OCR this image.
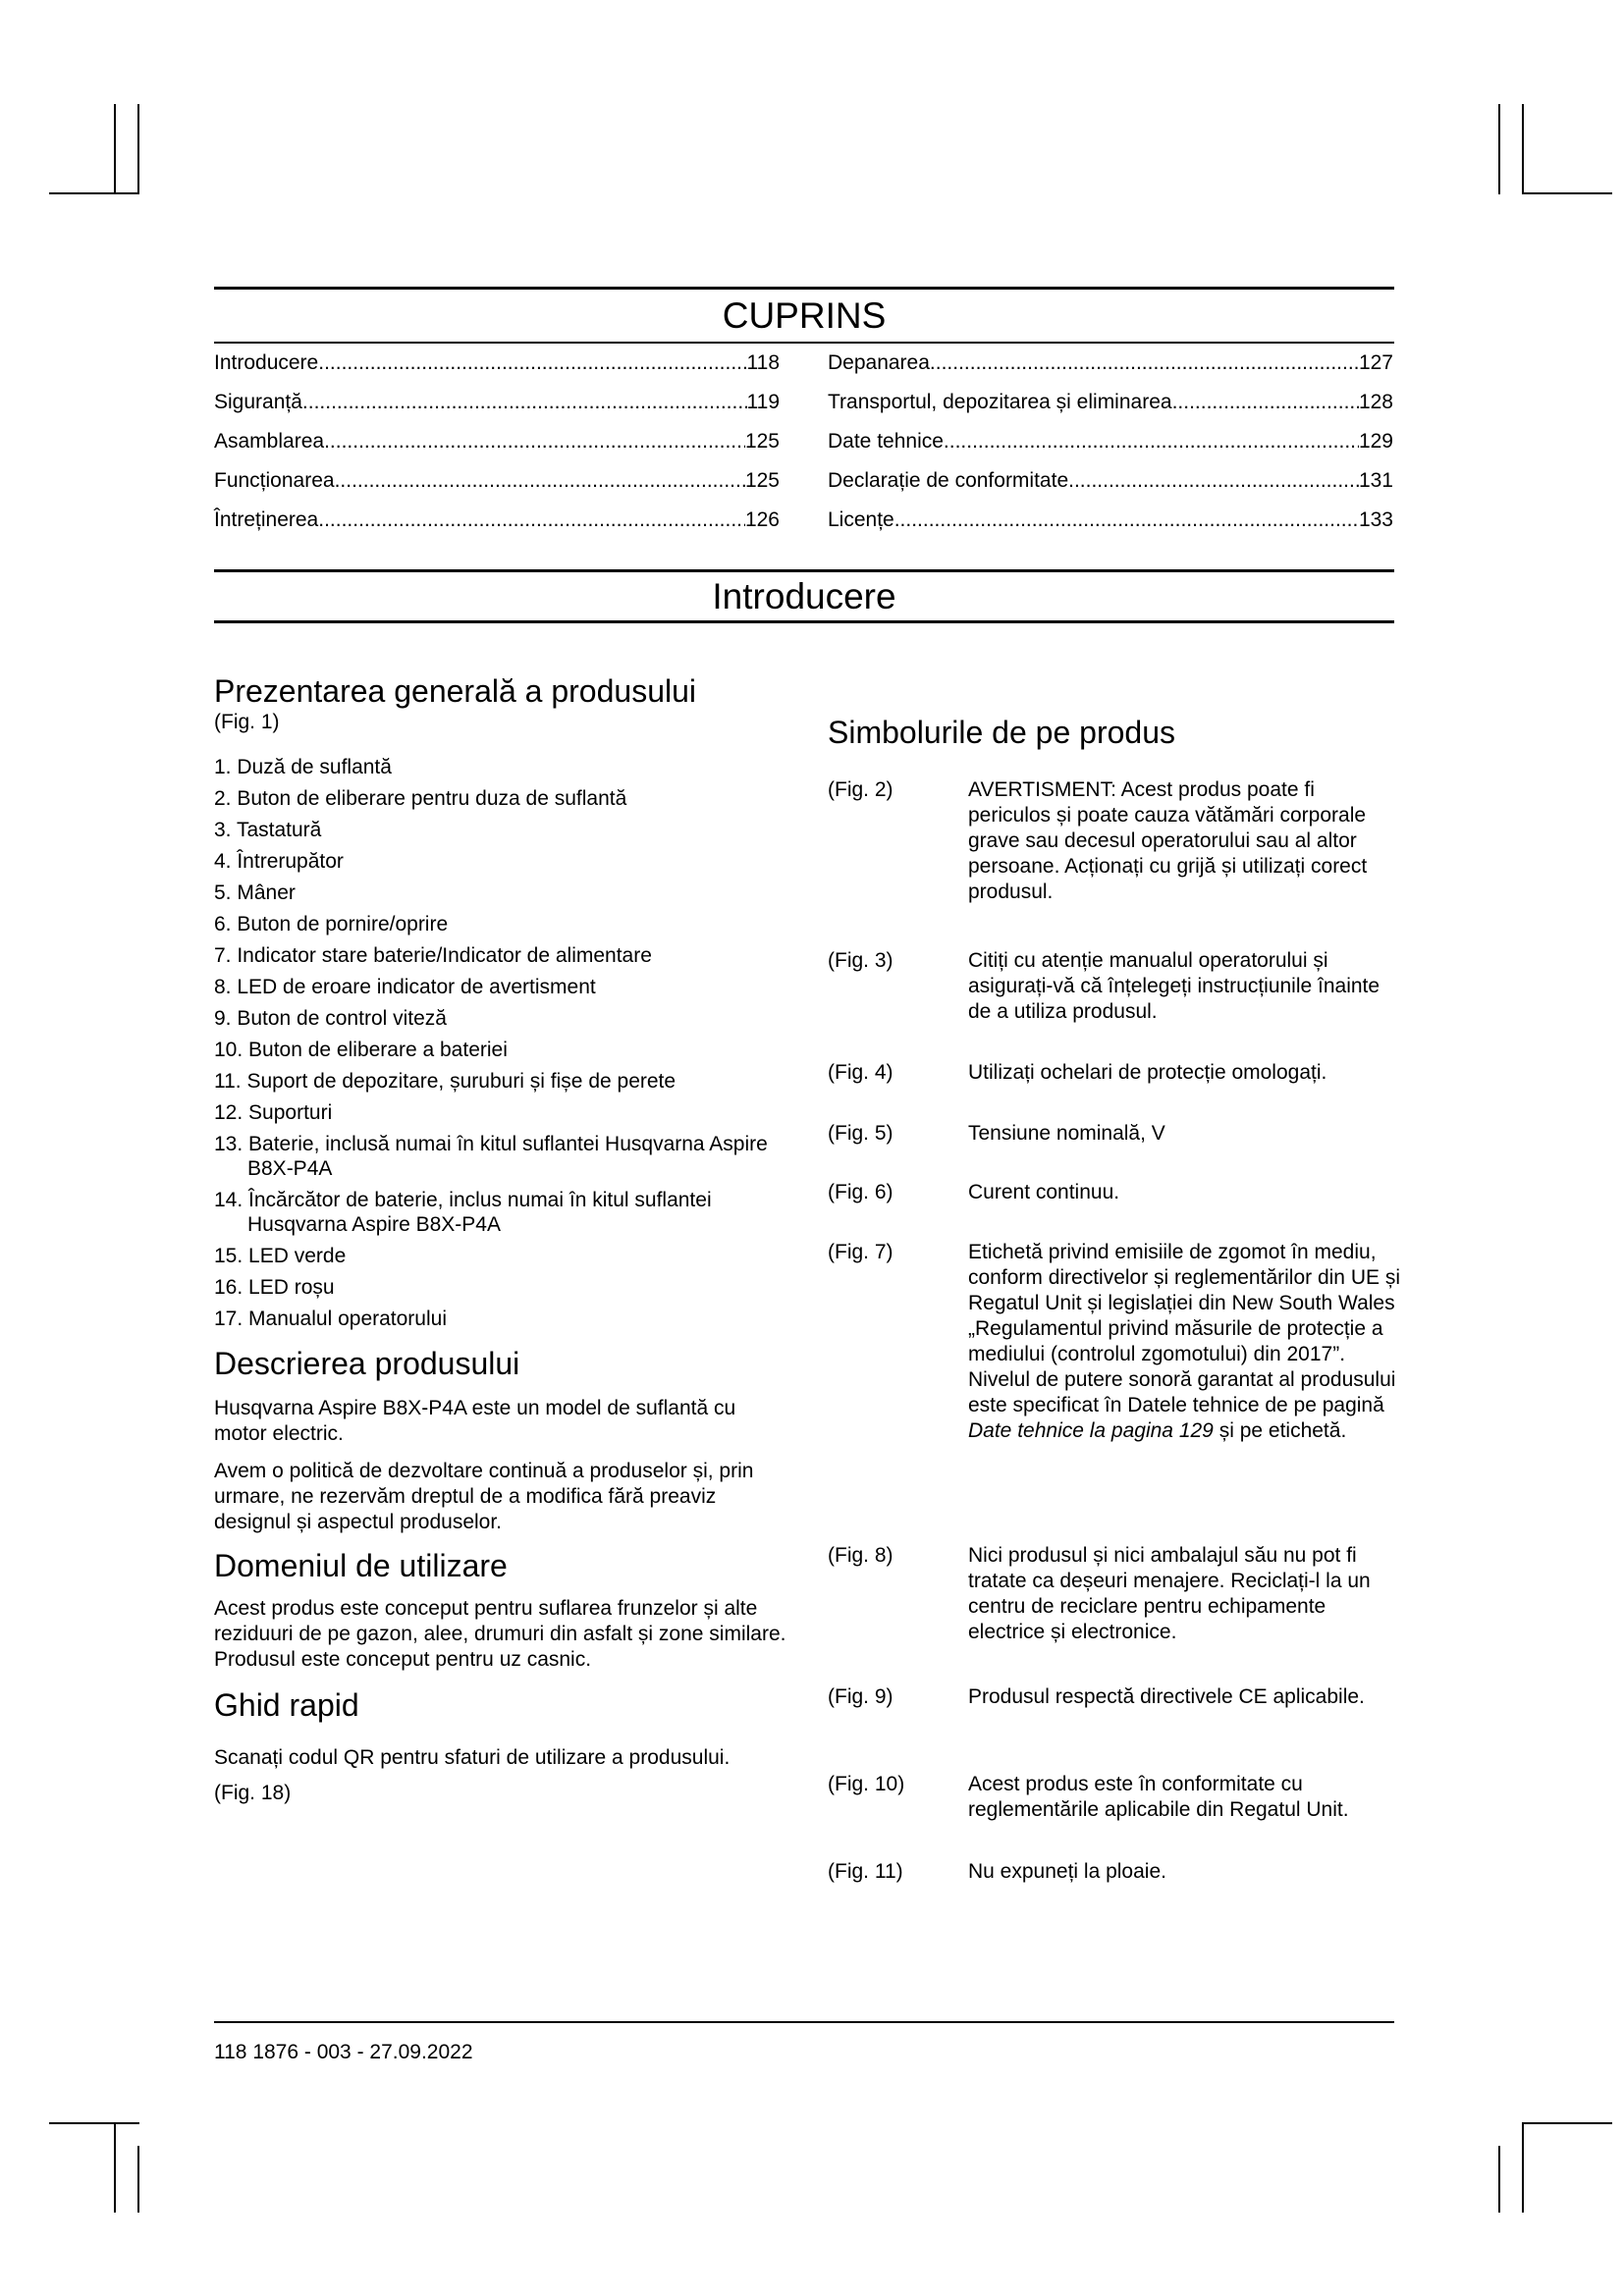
CUPRINS
Introducere .....	118
Siguranță .....	119
Asamblarea .....	125
Funcționarea .....	125
Întreținerea .....	126
Depanarea .....	127
Transportul, depozitarea și eliminarea .....	128
Date tehnice .....	129
Declarație de conformitate .....	131
Licențe .....	133
Introducere
Prezentarea generală a produsului

(Fig. 1)

1. Duză de suflantă
2. Buton de eliberare pentru duza de suflantă
3. Tastatură
4. Întrerupător
5. Mâner
6. Buton de pornire/oprire
7. Indicator stare baterie/Indicator de alimentare
8. LED de eroare indicator de avertisment
9. Buton de control viteză
10. Buton de eliberare a bateriei
11. Suport de depozitare, șuruburi și fișe de perete
12. Suporturi
13. Baterie, inclusă numai în kitul suflantei Husqvarna Aspire B8X-P4A
14. Încărcător de baterie, inclus numai în kitul suflantei Husqvarna Aspire B8X-P4A
15. LED verde
16. LED roșu
17. Manualul operatorului
Descrierea produsului

Husqvarna Aspire B8X-P4A este un model de suflantă cu motor electric.

Avem o politică de dezvoltare continuă a produselor și, prin urmare, ne rezervăm dreptul de a modifica fără preaviz designul și aspectul produselor.

Domeniul de utilizare

Acest produs este conceput pentru suflarea frunzelor și alte reziduuri de pe gazon, alee, drumuri din asfalt și zone similare. Produsul este conceput pentru uz casnic.

Ghid rapid

Scanați codul QR pentru sfaturi de utilizare a produsului.

(Fig. 18)

Simbolurile de pe produs
(Fig. 2)	AVERTISMENT: Acest produs poate fi periculos și poate cauza vătămări corporale grave sau decesul operatorului sau al altor persoane. Acționați cu grijă și utilizați corect produsul.
(Fig. 3)	Citiți cu atenție manualul operatorului și asigurați-vă că înțelegeți instrucțiunile înainte de a utiliza produsul.
(Fig. 4)	Utilizați ochelari de protecție omologați.
(Fig. 5)	Tensiune nominală, V
(Fig. 6)	Curent continuu.
(Fig. 7)	Etichetă privind emisiile de zgomot în mediu, conform directivelor și reglementărilor din UE și Regatul Unit și legislației din New South Wales „Regulamentul privind măsurile de protecție a mediului (controlul zgomotului) din 2017”. Nivelul de putere sonoră garantat al produsului este specificat în Datele tehnice de pe pagină Date tehnice la pagina 129 și pe etichetă.
(Fig. 8)	Nici produsul și nici ambalajul său nu pot fi tratate ca deșeuri menajere. Reciclați-l la un centru de reciclare pentru echipamente electrice și electronice.
(Fig. 9)	Produsul respectă directivele CE aplicabile.
(Fig. 10)	Acest produs este în conformitate cu reglementările aplicabile din Regatul Unit.
(Fig. 11)	Nu expuneți la ploaie.
118 1876 - 003 - 27.09.2022
